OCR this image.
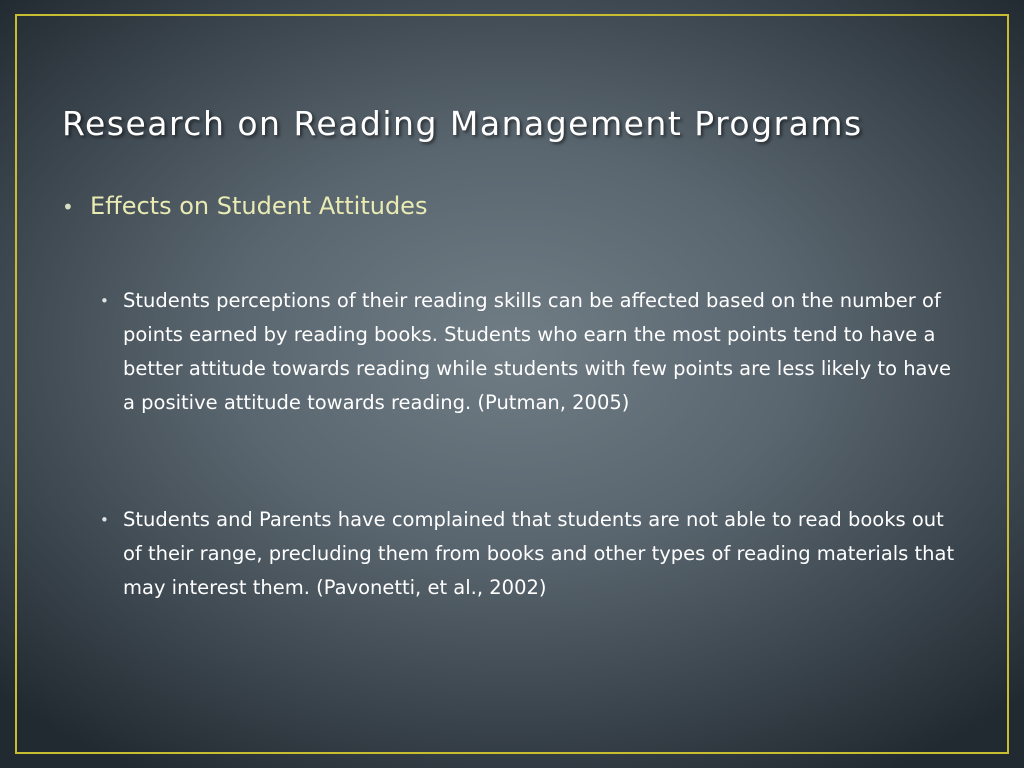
Research on Reading Management Programs
• Effects on Student Attitudes
• Students perceptions of their reading skills can be affected based on the number of points earned by reading books. Students who earn the most points tend to have a better attitude towards reading while students with few points are less likely to have a positive attitude towards reading. (Putman, 2005)
• Students and Parents have complained that students are not able to read books out of their range, precluding them from books and other types of reading materials that may interest them. (Pavonetti, et al., 2002)
